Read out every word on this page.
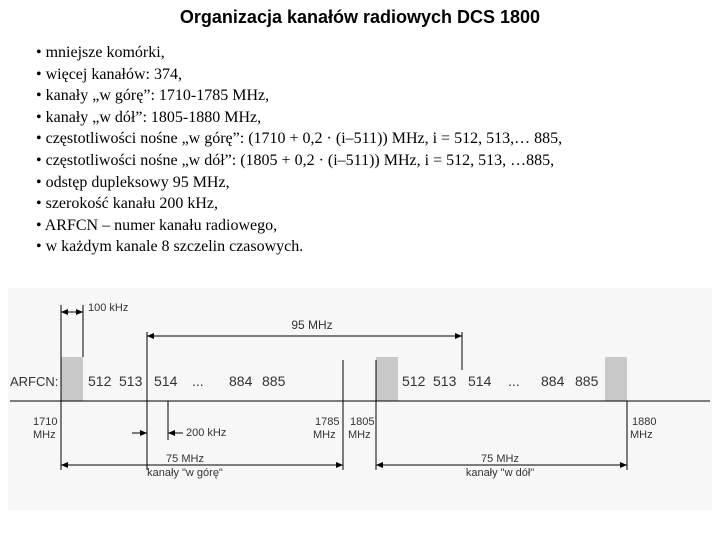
Organizacja kanałów radiowych DCS 1800
• mniejsze komórki,
• więcej kanałów: 374,
• kanały „w górę”: 1710-1785 MHz,
• kanały „w dół”: 1805-1880 MHz,
• częstotliwości nośne „w górę”: (1710 + 0,2 · (i–511)) MHz, i = 512, 513,… 885,
• częstotliwości nośne „w dół”: (1805 + 0,2 · (i–511)) MHz, i = 512, 513, …885,
• odstęp dupleksowy 95 MHz,
• szerokość kanału 200 kHz,
• ARFCN – numer kanału radiowego,
• w każdym kanale 8 szczelin czasowych.
100 kHz
95 MHz
ARFCN: 512 513 514 ... 884 885	512 513 514 ... 884 885
1710 MHz
1785 MHz
1805 MHz
1880 MHz
200 kHz
75 MHz
kanały "w górę"
75 MHz
kanały "w dół"
